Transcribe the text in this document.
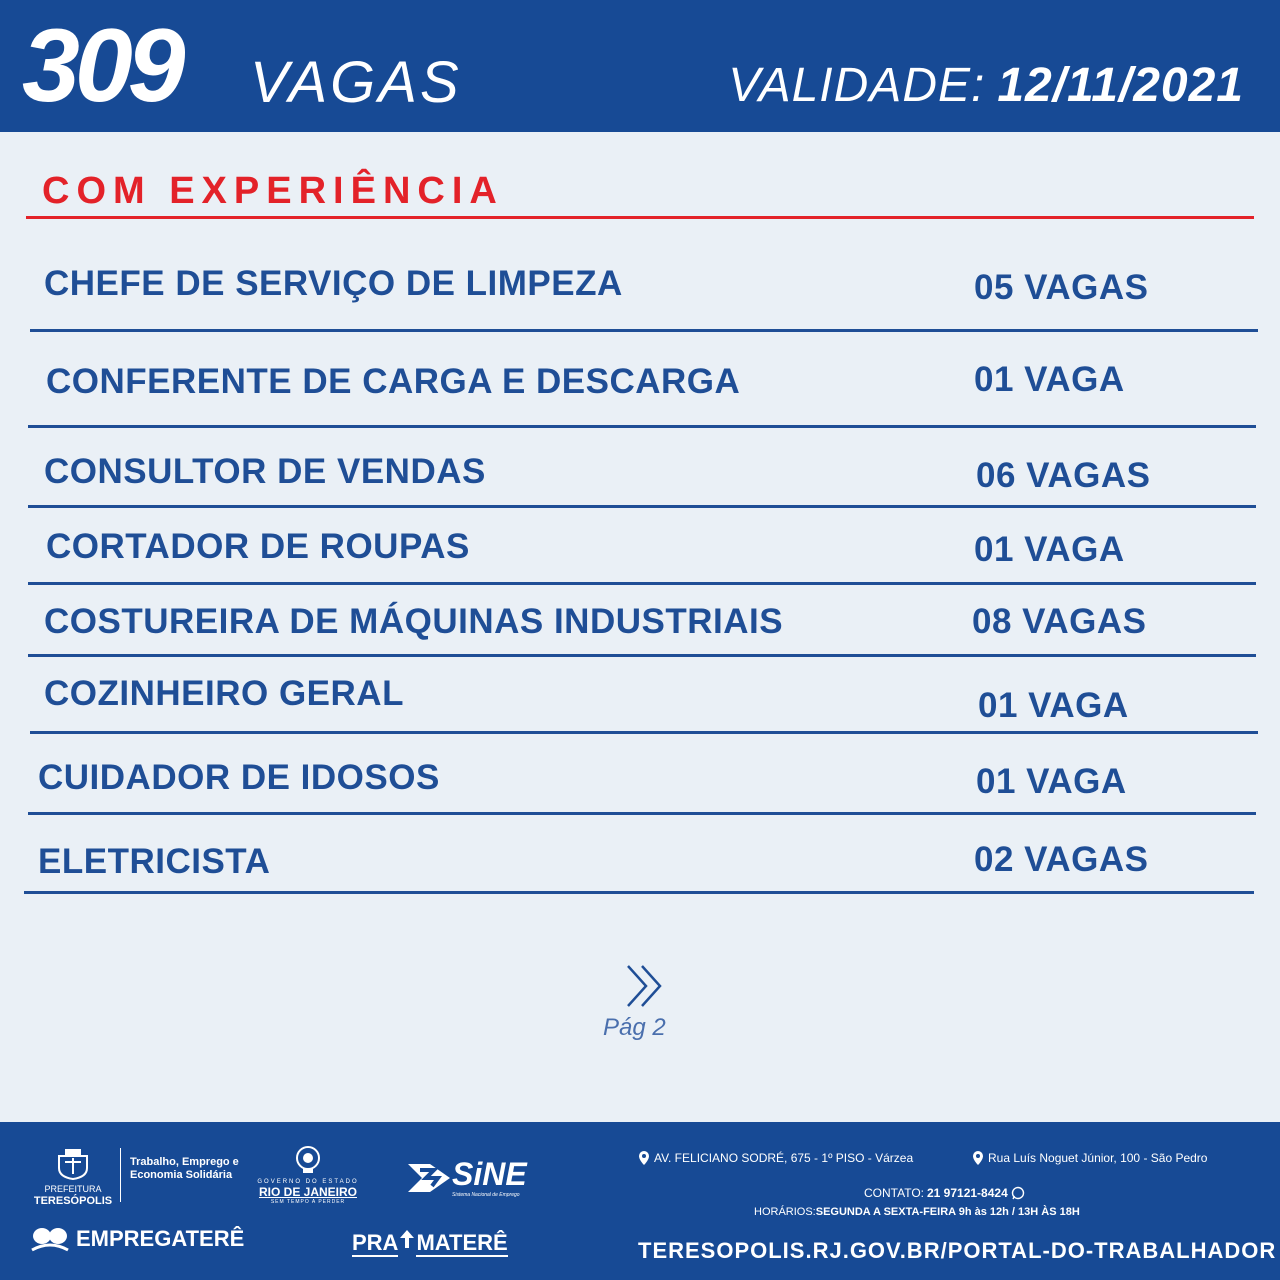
309 VAGAS	VALIDADE: 12/11/2021
COM EXPERIÊNCIA
CHEFE DE SERVIÇO DE LIMPEZA	05 VAGAS
CONFERENTE DE CARGA E DESCARGA	01 VAGA
CONSULTOR DE VENDAS	06 VAGAS
CORTADOR DE ROUPAS	01 VAGA
COSTUREIRA DE MÁQUINAS INDUSTRIAIS	08 VAGAS
COZINHEIRO GERAL	01 VAGA
CUIDADOR DE IDOSOS	01 VAGA
ELETRICISTA	02 VAGAS
Pág 2
PREFEITURA
TERESÓPOLIS
Trabalho, Emprego e Economia Solidária
GOVERNO DO ESTADO
RIO DE JANEIRO
SEM TEMPO A PERDER
SiNE
Sistema Nacional de Emprego
EMPREGATERÊ	PRA MATERÊ
AV. FELICIANO SODRÉ, 675 - 1º PISO - Várzea	Rua Luís Noguet Júnior, 100 - São Pedro
CONTATO: 21 97121-8424
HORÁRIOS:SEGUNDA A SEXTA-FEIRA 9h às 12h / 13H ÀS 18H
TERESOPOLIS.RJ.GOV.BR/PORTAL-DO-TRABALHADOR
